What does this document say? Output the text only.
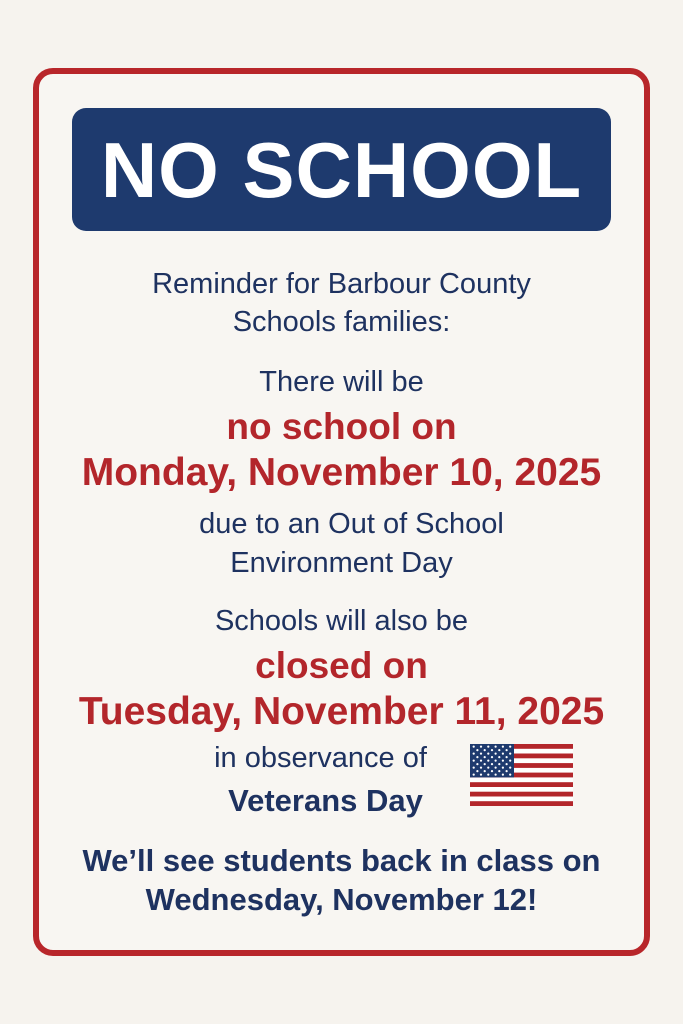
NO SCHOOL
Reminder for Barbour County
Schools families:
There will be
no school on
Monday, November 10, 2025
due to an Out of School
Environment Day
Schools will also be
closed on
Tuesday, November 11, 2025
in observance of
Veterans Day
We’ll see students back in class on
Wednesday, November 12!
